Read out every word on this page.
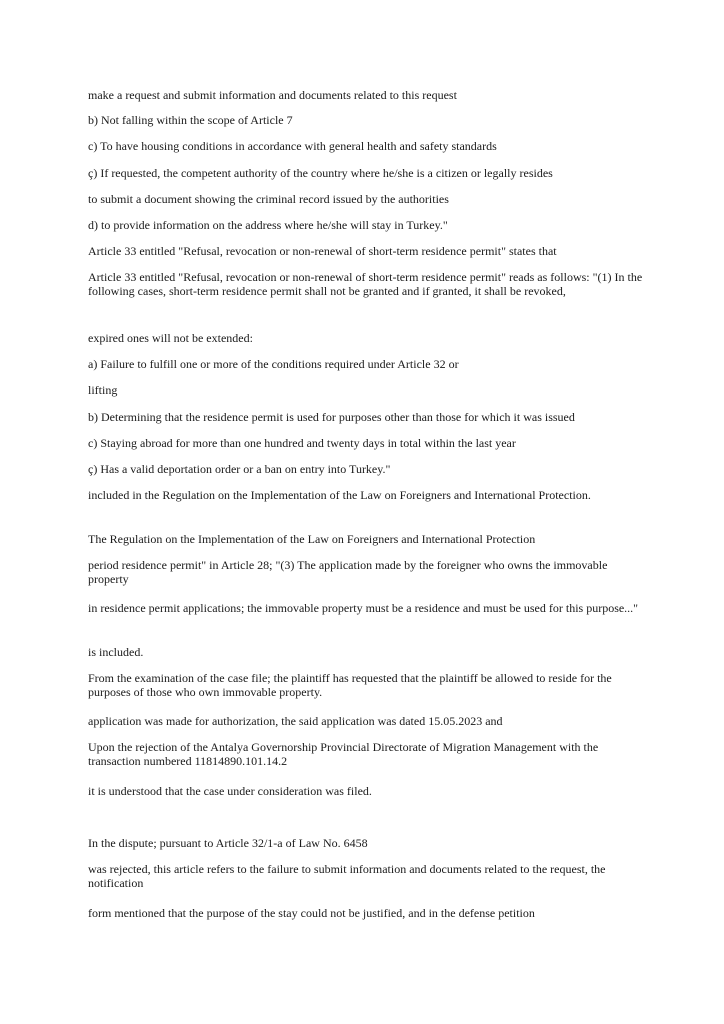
make a request and submit information and documents related to this request

b) Not falling within the scope of Article 7

c) To have housing conditions in accordance with general health and safety standards

ç) If requested, the competent authority of the country where he/she is a citizen or legally resides

to submit a document showing the criminal record issued by the authorities

d) to provide information on the address where he/she will stay in Turkey."

Article 33 entitled "Refusal, revocation or non-renewal of short-term residence permit" states that

Article 33 entitled "Refusal, revocation or non-renewal of short-term residence permit" reads as follows: "(1) In the following cases, short-term residence permit shall not be granted and if granted, it shall be revoked,

expired ones will not be extended:

a) Failure to fulfill one or more of the conditions required under Article 32 or

lifting

b) Determining that the residence permit is used for purposes other than those for which it was issued

c) Staying abroad for more than one hundred and twenty days in total within the last year

ç) Has a valid deportation order or a ban on entry into Turkey."

included in the Regulation on the Implementation of the Law on Foreigners and International Protection.

The Regulation on the Implementation of the Law on Foreigners and International Protection

period residence permit" in Article 28; "(3) The application made by the foreigner who owns the immovable property

in residence permit applications; the immovable property must be a residence and must be used for this purpose..."

is included.

From the examination of the case file; the plaintiff has requested that the plaintiff be allowed to reside for the purposes of those who own immovable property.

application was made for authorization, the said application was dated 15.05.2023 and

Upon the rejection of the Antalya Governorship Provincial Directorate of Migration Management with the transaction numbered 11814890.101.14.2

it is understood that the case under consideration was filed.

In the dispute; pursuant to Article 32/1-a of Law No. 6458

was rejected, this article refers to the failure to submit information and documents related to the request, the notification

form mentioned that the purpose of the stay could not be justified, and in the defense petition
